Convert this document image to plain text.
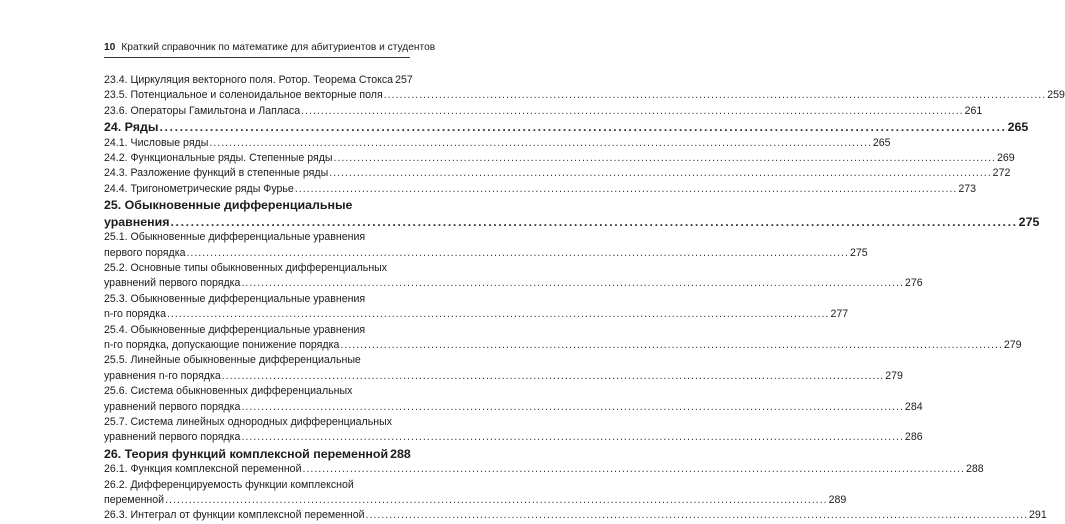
10 Краткий справочник по математике для абитуриентов и студентов
23.4. Циркуляция векторного поля. Ротор. Теорема Стокса 257
23.5. Потенциальное и соленоидальное векторные поля .....	259
23.6. Операторы Гамильтона и Лапласа .....	261
24. Ряды .....	265
24.1. Числовые ряды .....	265
24.2. Функциональные ряды. Степенные ряды .....	269
24.3. Разложение функций в степенные ряды .....	272
24.4. Тригонометрические ряды Фурье .....	273
25. Обыкновенные дифференциальные
уравнения .....	275
25.1. Обыкновенные дифференциальные уравнения
первого порядка .....	275
25.2. Основные типы обыкновенных дифференциальных
уравнений первого порядка .....	276
25.3. Обыкновенные дифференциальные уравнения
n-го порядка .....	277
25.4. Обыкновенные дифференциальные уравнения
n-го порядка, допускающие понижение порядка .....	279
25.5. Линейные обыкновенные дифференциальные
уравнения n-го порядка .....	279
25.6. Система обыкновенных дифференциальных
уравнений первого порядка .....	284
25.7. Система линейных однородных дифференциальных
уравнений первого порядка .....	286
26. Теория функций комплексной переменной 288
26.1. Функция комплексной переменной .....	288
26.2. Дифференцируемость функции комплексной
переменной .....	289
26.3. Интеграл от функции комплексной переменной .....	291
